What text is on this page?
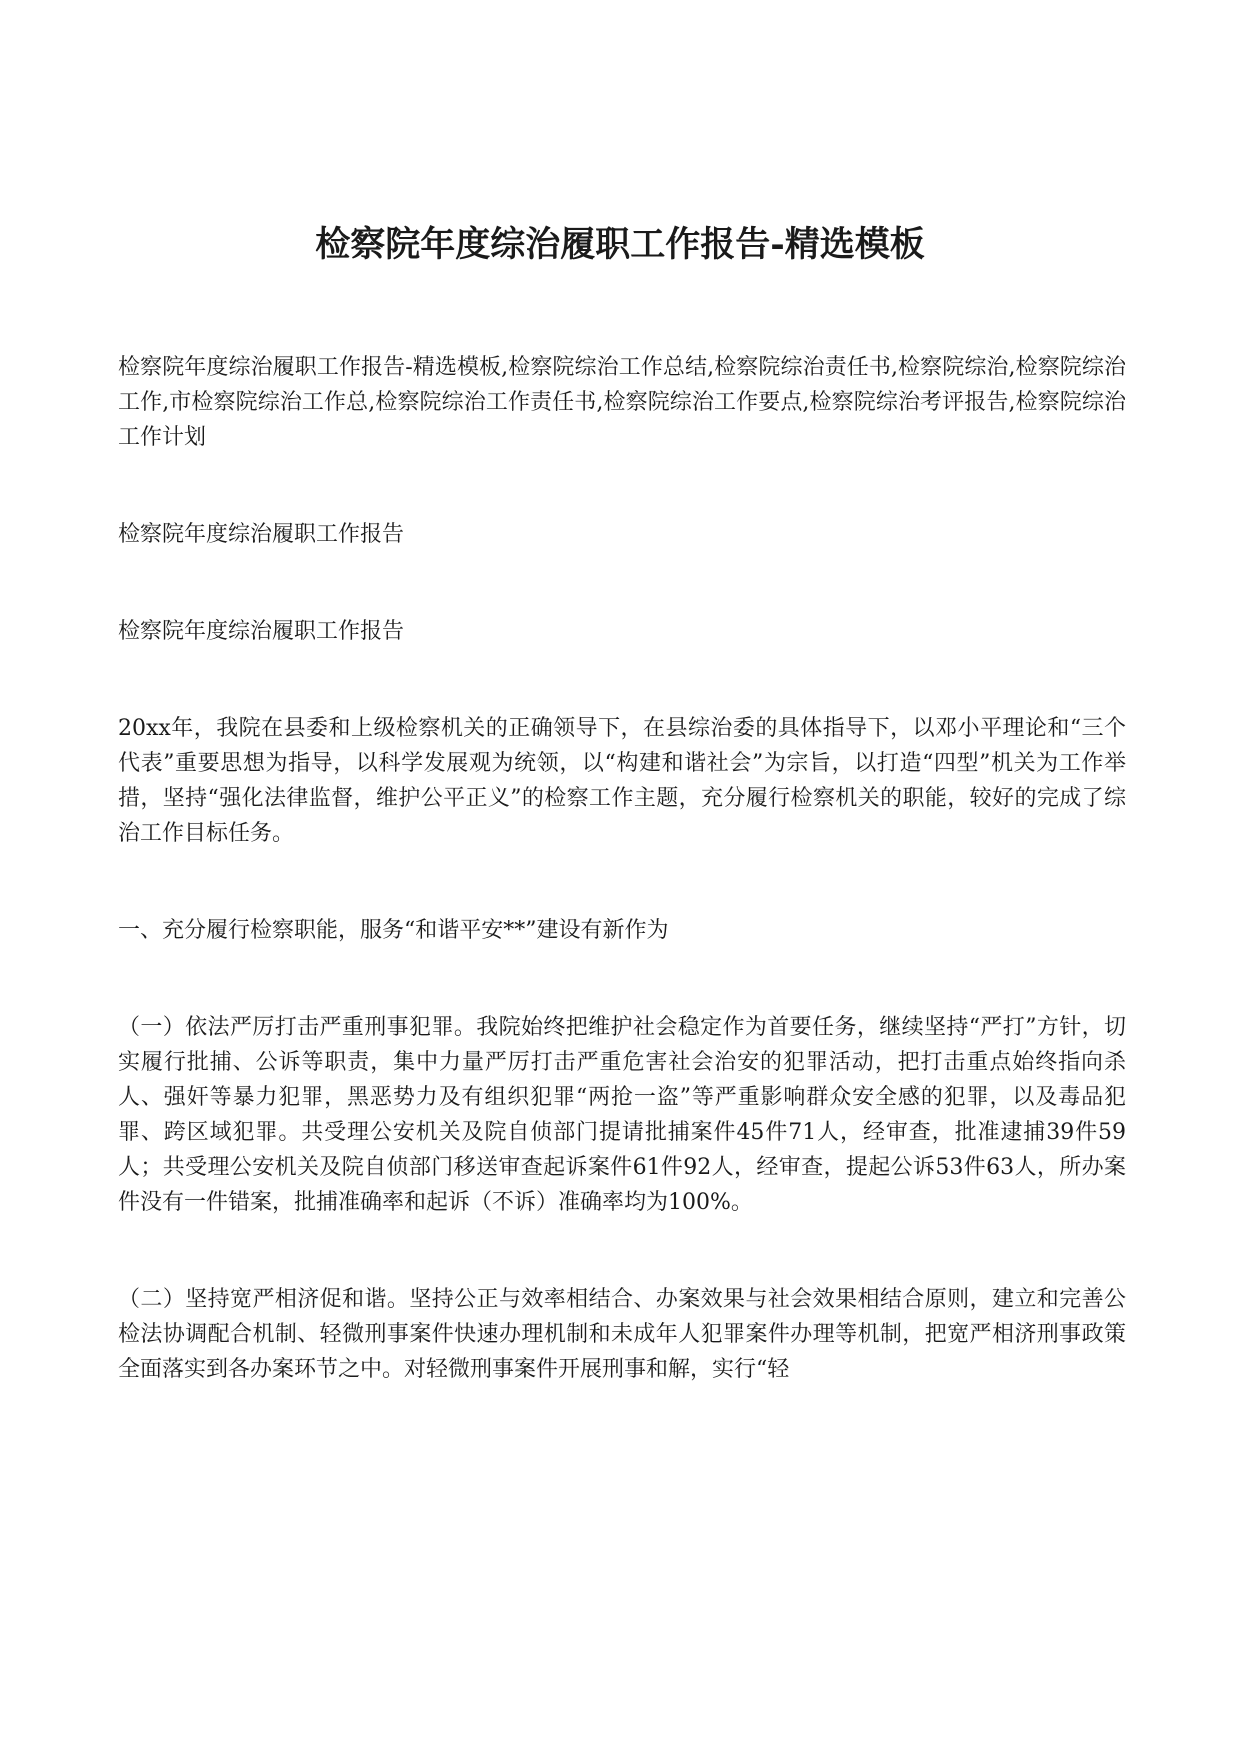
检察院年度综治履职工作报告-精选模板

检察院年度综治履职工作报告-精选模板,检察院综治工作总结,检察院综治责任书,检察院综治,检察院综治工作,市检察院综治工作总,检察院综治工作责任书,检察院综治工作要点,检察院综治考评报告,检察院综治工作计划

检察院年度综治履职工作报告

检察院年度综治履职工作报告

20xx年，我院在县委和上级检察机关的正确领导下，在县综治委的具体指导下，以邓小平理论和“三个代表”重要思想为指导，以科学发展观为统领，以“构建和谐社会”为宗旨，以打造“四型”机关为工作举措，坚持“强化法律监督，维护公平正义”的检察工作主题，充分履行检察机关的职能，较好的完成了综治工作目标任务。

一、充分履行检察职能，服务“和谐平安**”建设有新作为

（一）依法严厉打击严重刑事犯罪。我院始终把维护社会稳定作为首要任务，继续坚持“严打”方针，切实履行批捕、公诉等职责，集中力量严厉打击严重危害社会治安的犯罪活动，把打击重点始终指向杀人、强奸等暴力犯罪，黑恶势力及有组织犯罪“两抢一盗”等严重影响群众安全感的犯罪，以及毒品犯罪、跨区域犯罪。共受理公安机关及院自侦部门提请批捕案件45件71人，经审查，批准逮捕39件59人；共受理公安机关及院自侦部门移送审查起诉案件61件92人，经审查，提起公诉53件63人，所办案件没有一件错案，批捕准确率和起诉（不诉）准确率均为100%。

（二）坚持宽严相济促和谐。坚持公正与效率相结合、办案效果与社会效果相结合原则，建立和完善公检法协调配合机制、轻微刑事案件快速办理机制和未成年人犯罪案件办理等机制，把宽严相济刑事政策全面落实到各办案环节之中。对轻微刑事案件开展刑事和解，实行“轻
